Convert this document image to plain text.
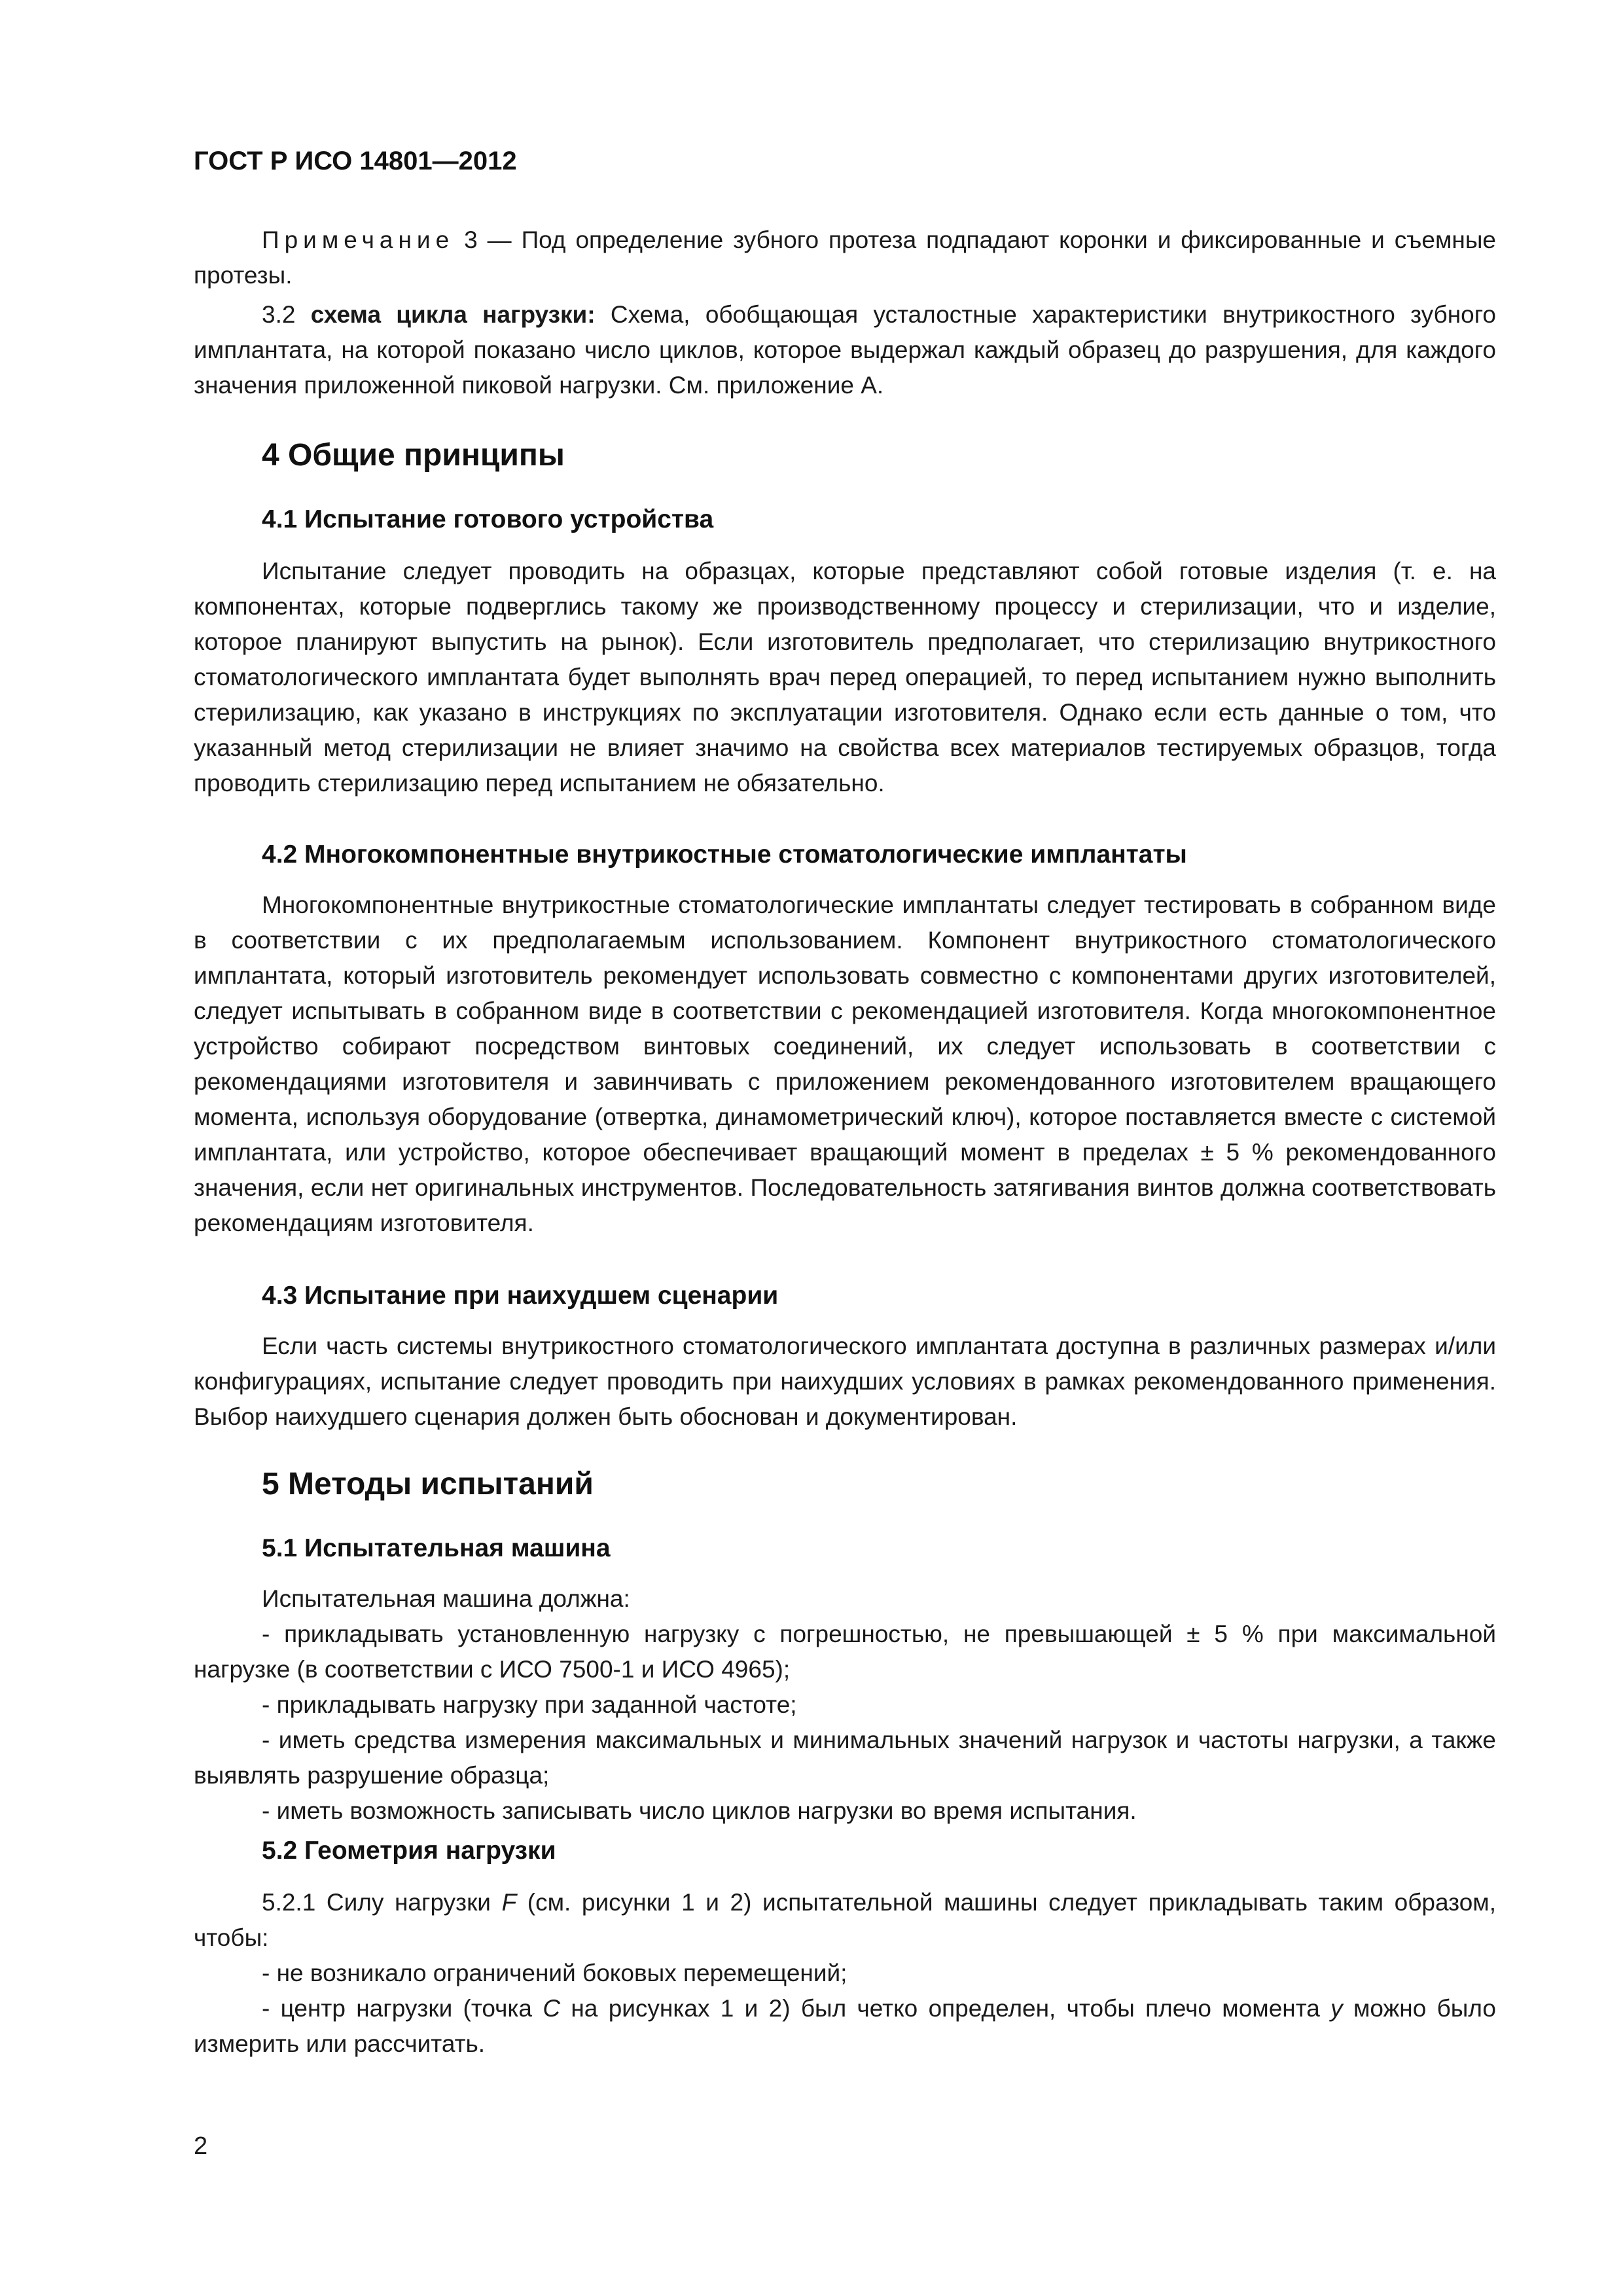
ГОСТ Р ИСО 14801—2012

Примечание 3 — Под определение зубного протеза подпадают коронки и фиксированные и съемные протезы.

3.2 схема цикла нагрузки: Схема, обобщающая усталостные характеристики внутрикостного зубного имплантата, на которой показано число циклов, которое выдержал каждый образец до разрушения, для каждого значения приложенной пиковой нагрузки. См. приложение А.

4 Общие принципы

4.1 Испытание готового устройства

Испытание следует проводить на образцах, которые представляют собой готовые изделия (т. е. на компонентах, которые подверглись такому же производственному процессу и стерилизации, что и изделие, которое планируют выпустить на рынок). Если изготовитель предполагает, что стерилизацию внутрикостного стоматологического имплантата будет выполнять врач перед операцией, то перед испытанием нужно выполнить стерилизацию, как указано в инструкциях по эксплуатации изготовителя. Однако если есть данные о том, что указанный метод стерилизации не влияет значимо на свойства всех материалов тестируемых образцов, тогда проводить стерилизацию перед испытанием не обязательно.

4.2 Многокомпонентные внутрикостные стоматологические имплантаты

Многокомпонентные внутрикостные стоматологические имплантаты следует тестировать в собранном виде в соответствии с их предполагаемым использованием. Компонент внутрикостного стоматологического имплантата, который изготовитель рекомендует использовать совместно с компонентами других изготовителей, следует испытывать в собранном виде в соответствии с рекомендацией изготовителя. Когда многокомпонентное устройство собирают посредством винтовых соединений, их следует использовать в соответствии с рекомендациями изготовителя и завинчивать с приложением рекомендованного изготовителем вращающего момента, используя оборудование (отвертка, динамометрический ключ), которое поставляется вместе с системой имплантата, или устройство, которое обеспечивает вращающий момент в пределах ± 5 % рекомендованного значения, если нет оригинальных инструментов. Последовательность затягивания винтов должна соответствовать рекомендациям изготовителя.

4.3 Испытание при наихудшем сценарии

Если часть системы внутрикостного стоматологического имплантата доступна в различных размерах и/или конфигурациях, испытание следует проводить при наихудших условиях в рамках рекомендованного применения. Выбор наихудшего сценария должен быть обоснован и документирован.

5 Методы испытаний

5.1 Испытательная машина

Испытательная машина должна:

- прикладывать установленную нагрузку с погрешностью, не превышающей ± 5 % при максимальной нагрузке (в соответствии с ИСО 7500-1 и ИСО 4965);
- прикладывать нагрузку при заданной частоте;
- иметь средства измерения максимальных и минимальных значений нагрузок и частоты нагрузки, а также выявлять разрушение образца;
- иметь возможность записывать число циклов нагрузки во время испытания.

5.2 Геометрия нагрузки

5.2.1 Силу нагрузки F (см. рисунки 1 и 2) испытательной машины следует прикладывать таким образом, чтобы:

- не возникало ограничений боковых перемещений;
- центр нагрузки (точка C на рисунках 1 и 2) был четко определен, чтобы плечо момента y можно было измерить или рассчитать.

2
